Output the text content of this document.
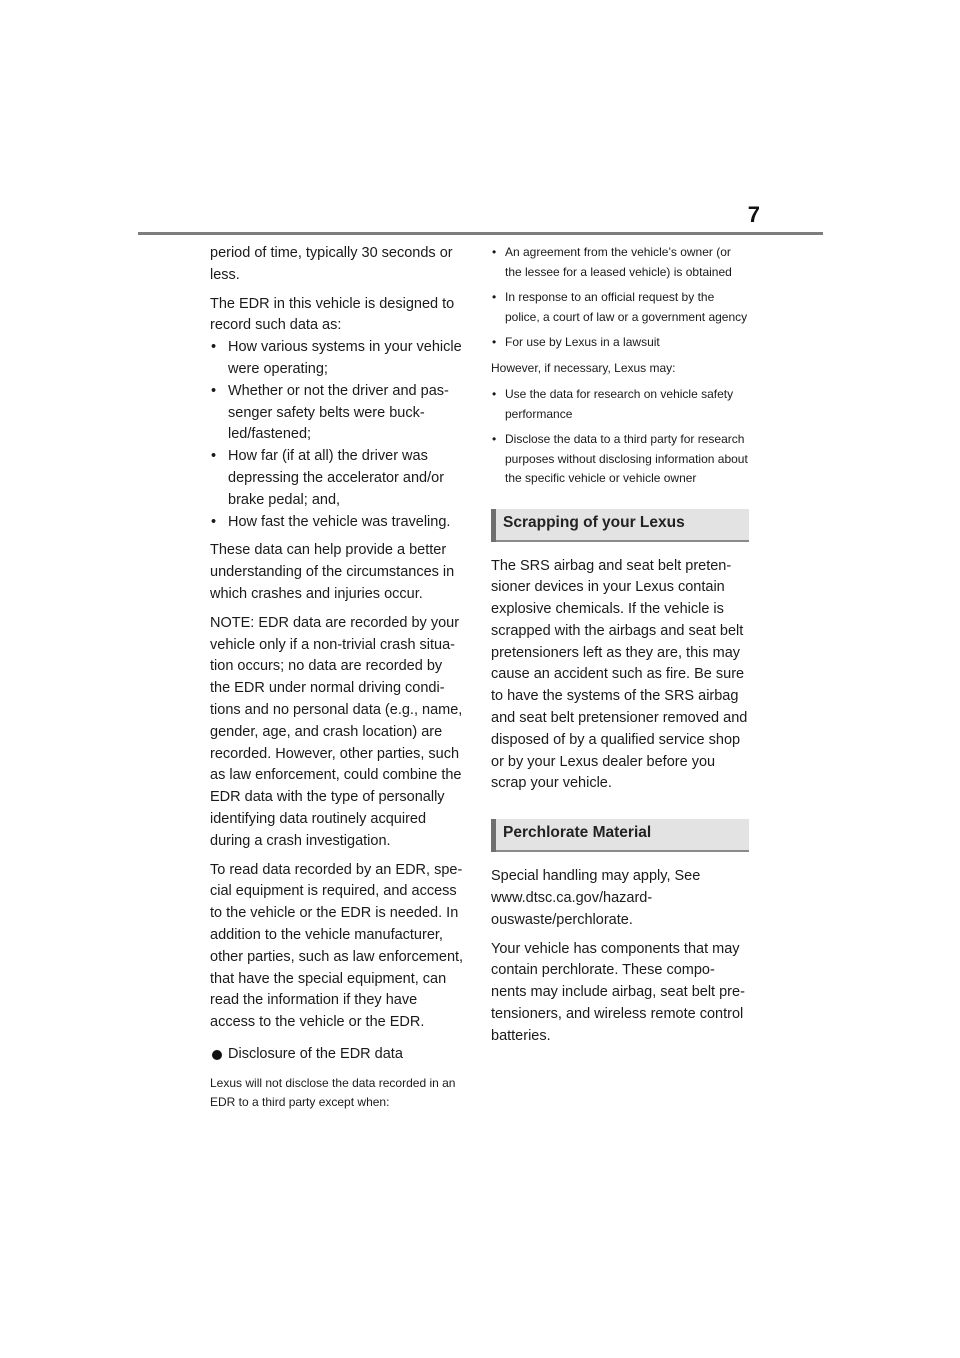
7

period of time, typically 30 seconds or less.

The EDR in this vehicle is designed to record such data as:

• How various systems in your vehicle were operating;
• Whether or not the driver and pas-senger safety belts were buck-led/fastened;
• How far (if at all) the driver was depressing the accelerator and/or brake pedal; and,
• How fast the vehicle was traveling.

These data can help provide a better understanding of the circumstances in which crashes and injuries occur.

NOTE: EDR data are recorded by your vehicle only if a non-trivial crash situa-tion occurs; no data are recorded by the EDR under normal driving condi-tions and no personal data (e.g., name, gender, age, and crash location) are recorded. However, other parties, such as law enforcement, could combine the EDR data with the type of personally identifying data routinely acquired during a crash investigation.

To read data recorded by an EDR, spe-cial equipment is required, and access to the vehicle or the EDR is needed. In addition to the vehicle manufacturer, other parties, such as law enforcement, that have the special equipment, can read the information if they have access to the vehicle or the EDR.

Disclosure of the EDR data

Lexus will not disclose the data recorded in an EDR to a third party except when:

• An agreement from the vehicle’s owner (or the lessee for a leased vehicle) is obtained
• In response to an official request by the police, a court of law or a government agency
• For use by Lexus in a lawsuit

However, if necessary, Lexus may:

• Use the data for research on vehicle safety performance
• Disclose the data to a third party for research purposes without disclosing information about the specific vehicle or vehicle owner
Scrapping of your Lexus

The SRS airbag and seat belt preten-sioner devices in your Lexus contain explosive chemicals. If the vehicle is scrapped with the airbags and seat belt pretensioners left as they are, this may cause an accident such as fire. Be sure to have the systems of the SRS airbag and seat belt pretensioner removed and disposed of by a qualified service shop or by your Lexus dealer before you scrap your vehicle.

Perchlorate Material

Special handling may apply, See www.dtsc.ca.gov/hazard-ouswaste/perchlorate.

Your vehicle has components that may contain perchlorate. These compo-nents may include airbag, seat belt pre-tensioners, and wireless remote control batteries.
